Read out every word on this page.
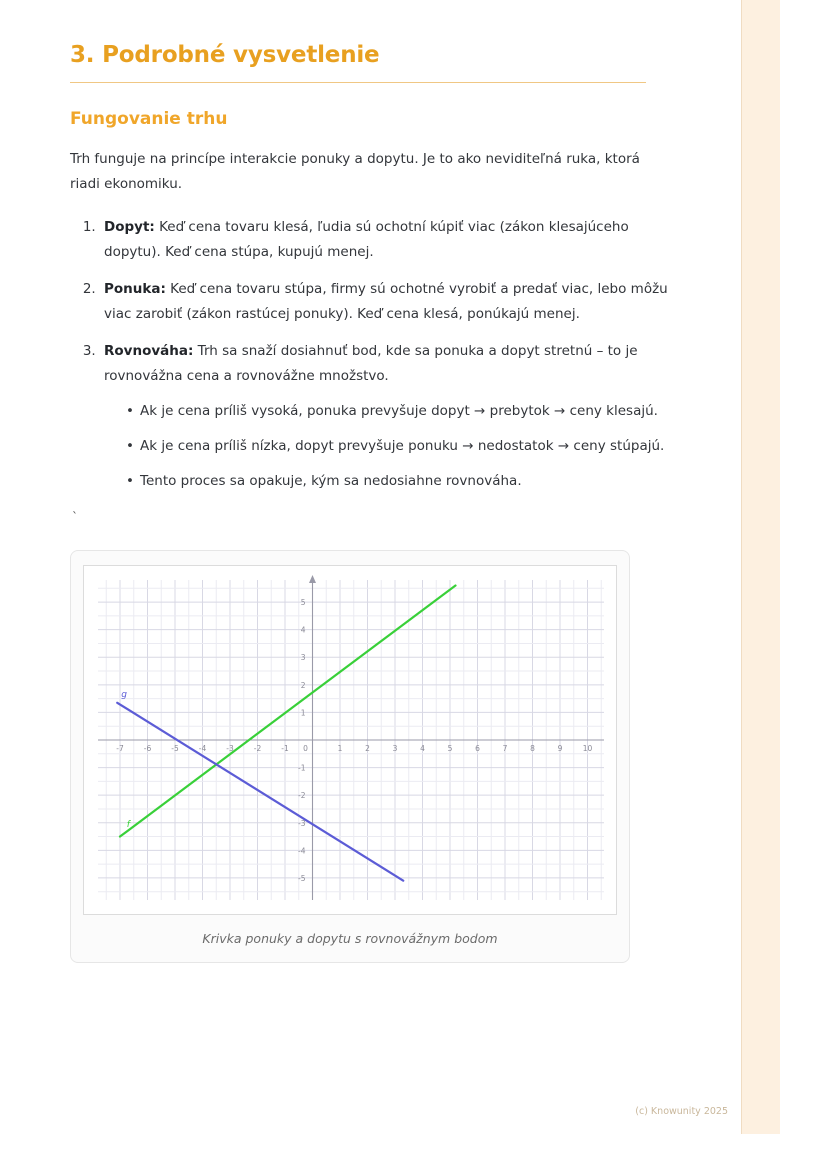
3. Podrobné vysvetlenie
Fungovanie trhu

Trh funguje na princípe interakcie ponuky a dopytu. Je to ako neviditeľná ruka, ktorá riadi ekonomiku.

1. Dopyt: Keď cena tovaru klesá, ľudia sú ochotní kúpiť viac (zákon klesajúceho dopytu). Keď cena stúpa, kupujú menej.
2. Ponuka: Keď cena tovaru stúpa, firmy sú ochotné vyrobiť a predať viac, lebo môžu viac zarobiť (zákon rastúcej ponuky). Keď cena klesá, ponúkajú menej.
3. Rovnováha: Trh sa snaží dosiahnuť bod, kde sa ponuka a dopyt stretnú – to je rovnovážna cena a rovnovážne množstvo.
• Ak je cena príliš vysoká, ponuka prevyšuje dopyt → prebytok → ceny klesajú.
• Ak je cena príliš nízka, dopyt prevyšuje ponuku → nedostatok → ceny stúpajú.
• Tento proces sa opakuje, kým sa nedosiahne rovnováha.
`
-7	-6	-5	-4	-3	-2	-1 0	1	2	3	4	5	6	7	8	9	10
-5
-4
-3
-2
-1
1
2
3
4
5
f
g
Krivka ponuky a dopytu s rovnovážnym bodom
(c) Knowunity 2025
